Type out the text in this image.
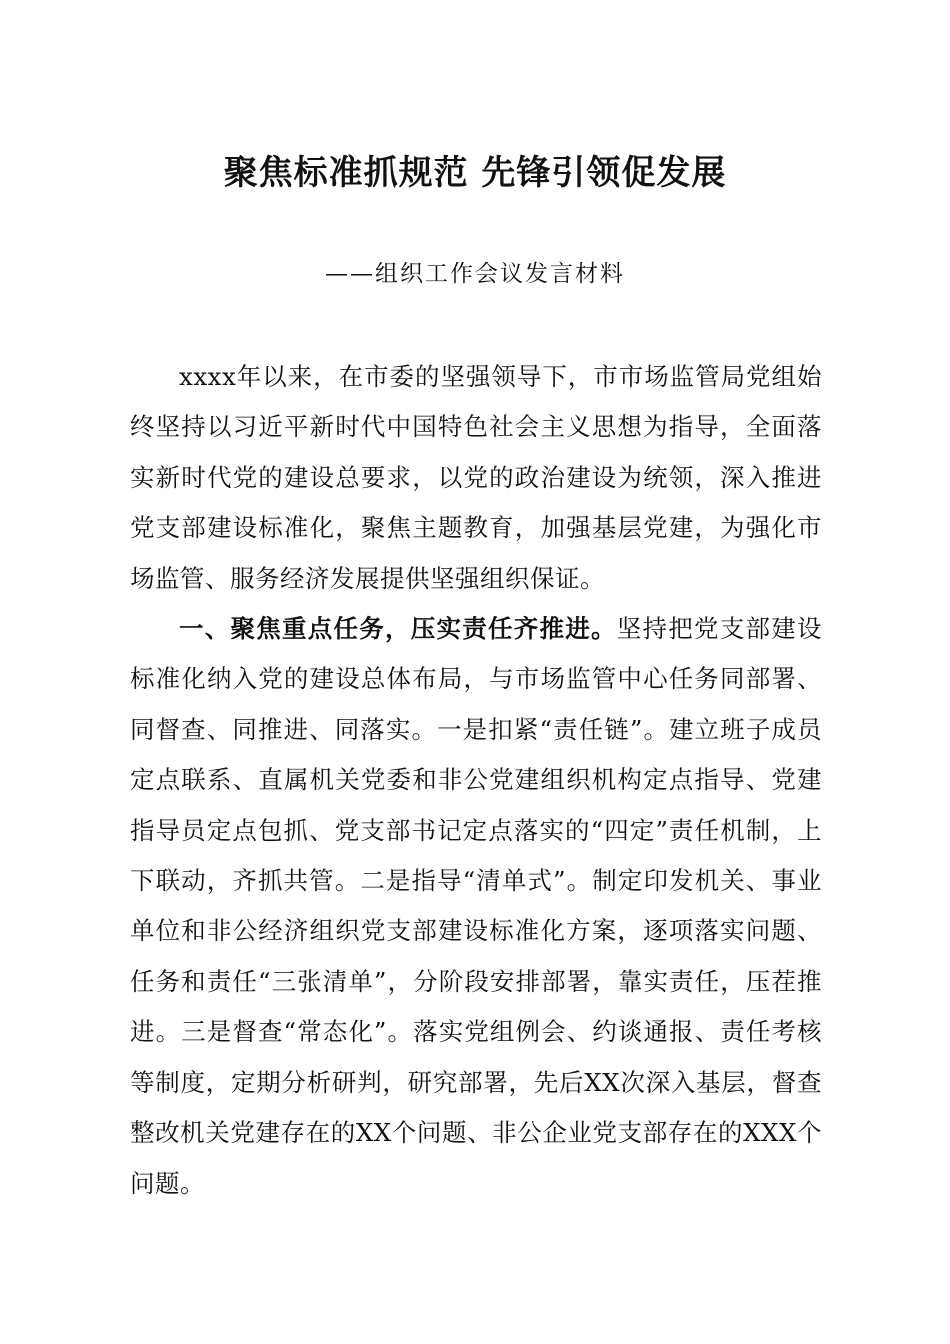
聚焦标准抓规范 先锋引领促发展

——组织工作会议发言材料

xxxx年以来，在市委的坚强领导下，市市场监管局党组始终坚持以习近平新时代中国特色社会主义思想为指导，全面落实新时代党的建设总要求，以党的政治建设为统领，深入推进党支部建设标准化，聚焦主题教育，加强基层党建，为强化市场监管、服务经济发展提供坚强组织保证。

一、聚焦重点任务，压实责任齐推进。坚持把党支部建设标准化纳入党的建设总体布局，与市场监管中心任务同部署、同督查、同推进、同落实。一是扣紧“责任链”。建立班子成员定点联系、直属机关党委和非公党建组织机构定点指导、党建指导员定点包抓、党支部书记定点落实的“四定”责任机制，上下联动，齐抓共管。二是指导“清单式”。制定印发机关、事业单位和非公经济组织党支部建设标准化方案，逐项落实问题、任务和责任“三张清单”，分阶段安排部署，靠实责任，压茬推进。三是督查“常态化”。落实党组例会、约谈通报、责任考核等制度，定期分析研判，研究部署，先后XX次深入基层，督查整改机关党建存在的XX个问题、非公企业党支部存在的XXX个问题。
